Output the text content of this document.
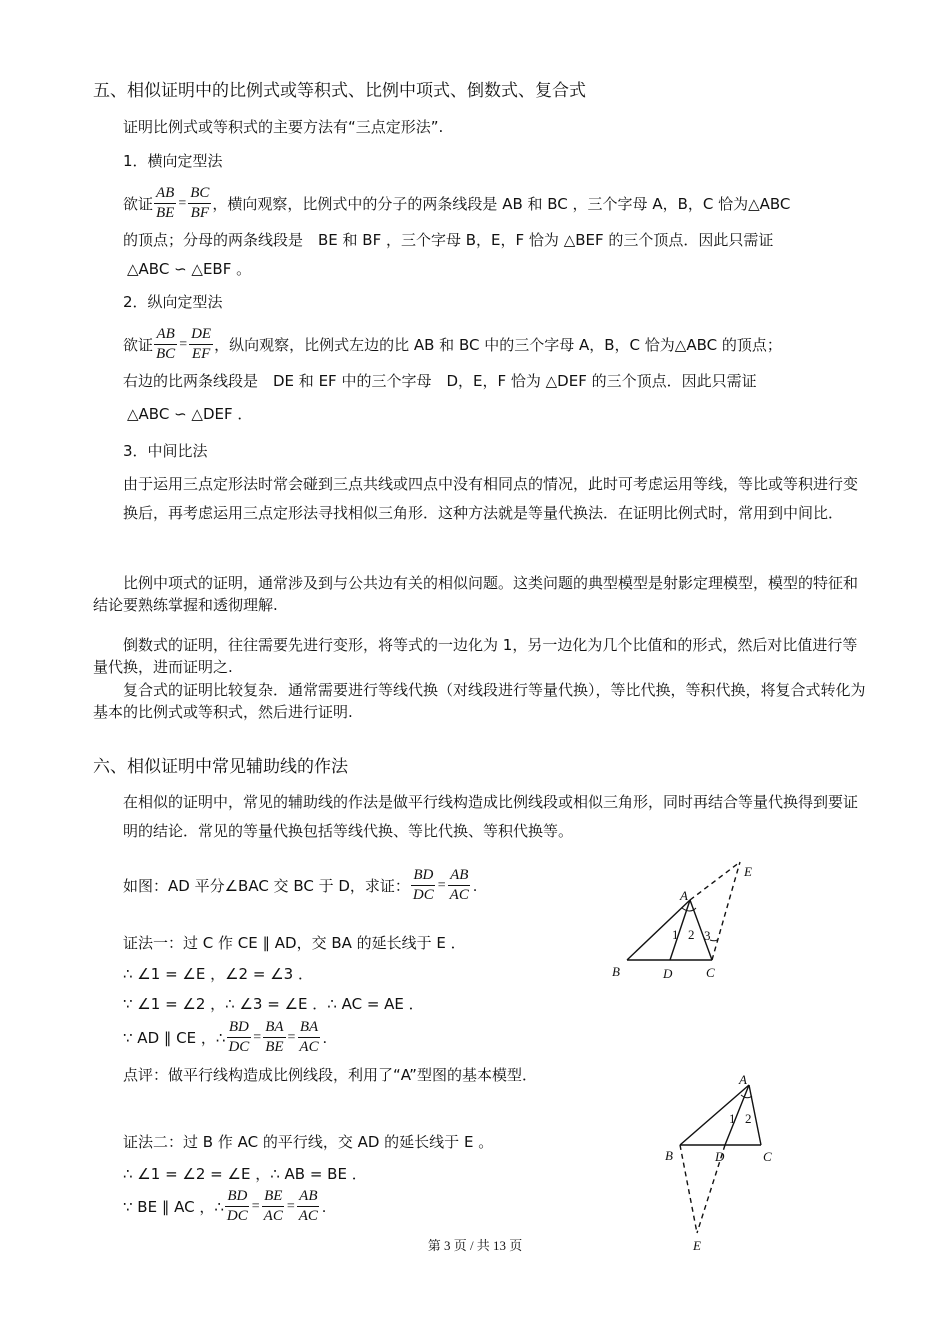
五、相似证明中的比例式或等积式、比例中项式、倒数式、复合式
证明比例式或等积式的主要方法有“三点定形法”.
1．横向定型法
欲证 $\frac{AB}{BE} = \frac{BC}{BF}$ ，横向观察，比例式中的分子的两条线段是 AB 和 BC ，三个字母 A，B，C 恰为△ABC
的顶点；分母的两条线段是　BE 和 BF ，三个字母 B，E，F 恰为 △BEF 的三个顶点．因此只需证
△ABC ∽ △EBF 。
2．纵向定型法
欲证 $\frac{AB}{BC} = \frac{DE}{EF}$ ，纵向观察，比例式左边的比 AB 和 BC 中的三个字母 A，B，C 恰为△ABC 的顶点；
右边的比两条线段是　DE 和 EF 中的三个字母　D，E，F 恰为 △DEF 的三个顶点．因此只需证
△ABC ∽ △DEF ．
3．中间比法
由于运用三点定形法时常会碰到三点共线或四点中没有相同点的情况，此时可考虑运用等线，等比或等积进行变换后，再考虑运用三点定形法寻找相似三角形．这种方法就是等量代换法．在证明比例式时，常用到中间比．
比例中项式的证明，通常涉及到与公共边有关的相似问题。这类问题的典型模型是射影定理模型，模型的特征和结论要熟练掌握和透彻理解.
倒数式的证明，往往需要先进行变形，将等式的一边化为 1，另一边化为几个比值和的形式，然后对比值进行等量代换，进而证明之.
复合式的证明比较复杂．通常需要进行等线代换（对线段进行等量代换），等比代换，等积代换，将复合式转化为基本的比例式或等积式，然后进行证明.
六、相似证明中常见辅助线的作法
在相似的证明中，常见的辅助线的作法是做平行线构造成比例线段或相似三角形，同时再结合等量代换得到要证明的结论．常见的等量代换包括等线代换、等比代换、等积代换等。
如图：AD 平分∠BAC 交 BC 于 D，求证： $\frac{BD}{DC} = \frac{AB}{AC}$ ．
证法一：过 C 作 CE ∥ AD，交 BA 的延长线于 E ．
∴ ∠1 = ∠E ，∠2 = ∠3 ．
∵ ∠1 = ∠2 ，∴ ∠3 = ∠E ．∴ AC = AE ．
∵ AD ∥ CE ，∴ $\frac{BD}{DC} = \frac{BA}{BE} = \frac{BA}{AC}$ ．
点评：做平行线构造成比例线段，利用了“A”型图的基本模型．
证法二：过 B 作 AC 的平行线，交 AD 的延长线于 E 。
∴ ∠1 = ∠2 = ∠E ，∴ AB = BE ．
∵ BE ∥ AC ，∴ $\frac{BD}{DC} = \frac{BE}{AC} = \frac{AB}{AC}$ ．
A
B	C
D
E
1 2 3
A
B	C
D
E
1 2
第 3 页 / 共 13 页
